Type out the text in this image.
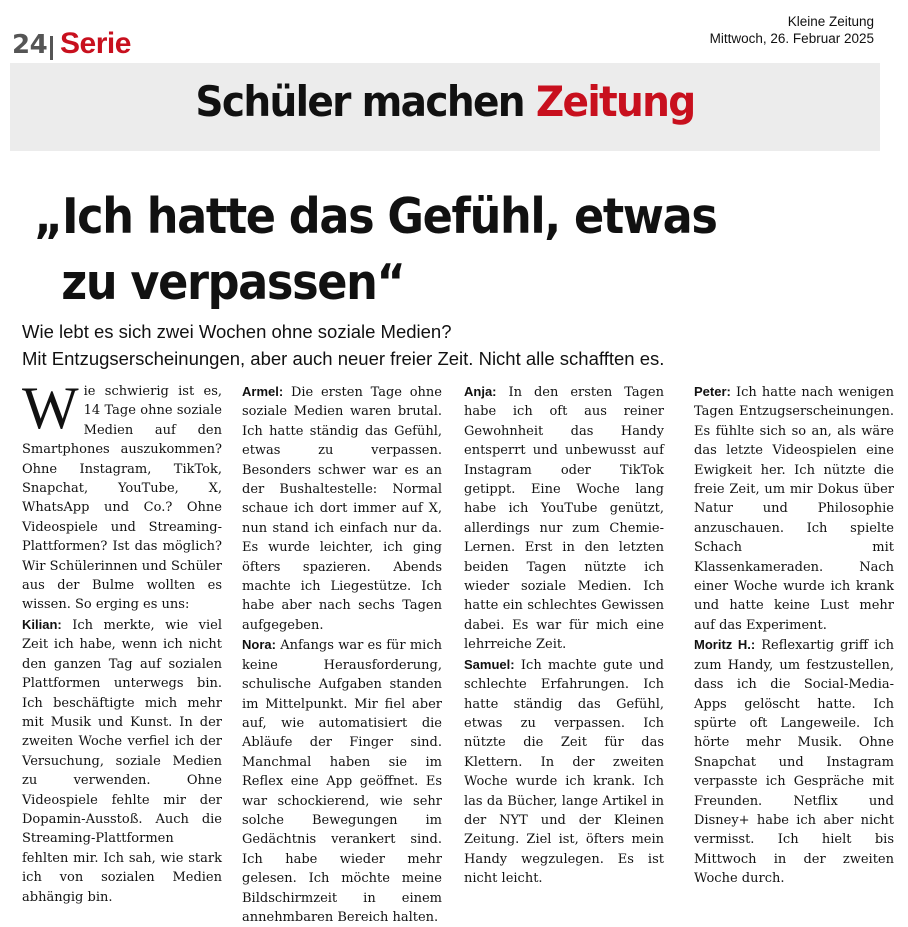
24 Serie
Kleine Zeitung
Mittwoch, 26. Februar 2025
Schüler machen Zeitung
„Ich hatte das Gefühl, etwas
zu verpassen“
Wie lebt es sich zwei Wochen ohne soziale Medien?
Mit Entzugserscheinungen, aber auch neuer freier Zeit. Nicht alle schafften es.

Wie schwierig ist es, 14 Tage ohne soziale Medien auf den Smartphones auszukommen? Ohne Instagram, TikTok, Snapchat, YouTube, X, WhatsApp und Co.? Ohne Videospiele und Streaming-Plattformen? Ist das möglich? Wir Schülerinnen und Schüler aus der Bulme wollten es wissen. So erging es uns:

Kilian: Ich merkte, wie viel Zeit ich habe, wenn ich nicht den ganzen Tag auf sozialen Plattformen unterwegs bin. Ich beschäftigte mich mehr mit Musik und Kunst. In der zweiten Woche verfiel ich der Versuchung, soziale Medien zu verwenden. Ohne Videospiele fehlte mir der Dopamin-Ausstoß. Auch die Streaming-Plattformen fehlten mir. Ich sah, wie stark ich von sozialen Medien abhängig bin.

Armel: Die ersten Tage ohne soziale Medien waren brutal. Ich hatte ständig das Gefühl, etwas zu verpassen. Besonders schwer war es an der Bushaltestelle: Normal schaue ich dort immer auf X, nun stand ich einfach nur da. Es wurde leichter, ich ging öfters spazieren. Abends machte ich Liegestütze. Ich habe aber nach sechs Tagen aufgegeben.

Nora: Anfangs war es für mich keine Herausforderung, schulische Aufgaben standen im Mittelpunkt. Mir fiel aber auf, wie automatisiert die Abläufe der Finger sind. Manchmal haben sie im Reflex eine App geöffnet. Es war schockierend, wie sehr solche Bewegungen im Gedächtnis verankert sind. Ich habe wieder mehr gelesen. Ich möchte meine Bildschirmzeit in einem annehmbaren Bereich halten.

Anja: In den ersten Tagen habe ich oft aus reiner Gewohnheit das Handy entsperrt und unbewusst auf Instagram oder TikTok getippt. Eine Woche lang habe ich YouTube genützt, allerdings nur zum Chemie-Lernen. Erst in den letzten beiden Tagen nützte ich wieder soziale Medien. Ich hatte ein schlechtes Gewissen dabei. Es war für mich eine lehrreiche Zeit.

Samuel: Ich machte gute und schlechte Erfahrungen. Ich hatte ständig das Gefühl, etwas zu verpassen. Ich nützte die Zeit für das Klettern. In der zweiten Woche wurde ich krank. Ich las da Bücher, lange Artikel in der NYT und der Kleinen Zeitung. Ziel ist, öfters mein Handy wegzulegen. Es ist nicht leicht.

Peter: Ich hatte nach wenigen Tagen Entzugserscheinungen. Es fühlte sich so an, als wäre das letzte Videospielen eine Ewigkeit her. Ich nützte die freie Zeit, um mir Dokus über Natur und Philosophie anzuschauen. Ich spielte Schach mit Klassenkameraden. Nach einer Woche wurde ich krank und hatte keine Lust mehr auf das Experiment.

Moritz H.: Reflexartig griff ich zum Handy, um festzustellen, dass ich die Social-Media-Apps gelöscht hatte. Ich spürte oft Langeweile. Ich hörte mehr Musik. Ohne Snapchat und Instagram verpasste ich Gespräche mit Freunden. Netflix und Disney+ habe ich aber nicht vermisst. Ich hielt bis Mittwoch in der zweiten Woche durch.
